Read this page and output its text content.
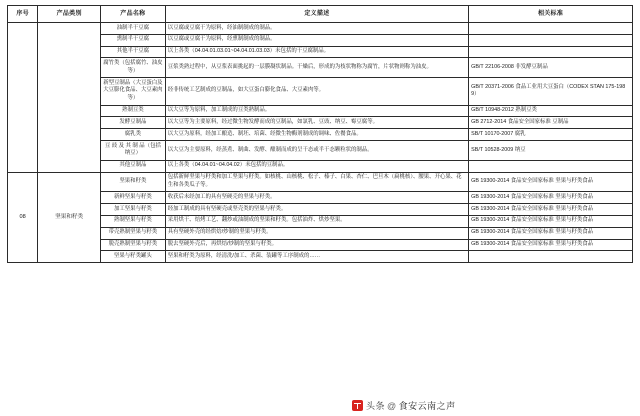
序号	产品类别	产品名称	定义描述	相关标准
		油制半干豆腐	以豆腐或豆腐干为原料，经油制制成的制品。	
		熏制半干豆腐	以豆腐或豆腐干为原料，经熏制制成的制品。	
		其他半干豆腐	以上各类（04.04.01.03.01~04.04.01.03.03）未包括的干豆腐制品。	
		腐竹类（包括腐竹、油皮等）	豆浆类熟过程中，从豆浆表面挑起的一层膜凝状制品。干燥后，形成的为枝状物称为腐竹，片状物则称为油皮。	GB/T 22106-2008 非发酵豆制品
		新型豆制品（大豆蛋白及大豆膨化食品、大豆素肉等）	经非传统工艺制成的豆制品，如大豆蛋白膨化食品、大豆素肉等。	GB/T 20371-2006 食品工业用大豆蛋白（CODEX STAN 175-1989）
		熟制豆类	以大豆等为原料，加工制成的豆类熟制品。	GB/T 10948-2012 熟制豆类
		发酵豆制品	以大豆等为主要原料，经过微生物发酵而成的豆制品，如氯乳、豆豉、纳豆、霉豆腐等。	GB 2712-2014 食品安全国家标准 豆制品
		腐乳类	以大豆为原料，经加工酿造、制坯、培菌、经微生物酶剂制成的调味、佐餐食品。	SB/T 10170-2007 腐乳
		豆 豉 及 其 制 品（包括纳豆）	以大豆为主要原料，经蒸煮、制曲、发酵、酿制而成的呈干态或半干态颗粒状的制品。	SB/T 10528-2009 纳豆
		其他豆制品	以上各类（04.04.01~04.04.02）未包括的豆制品。	
08	坚果和籽类	坚果和籽类	包括新鲜坚果与籽类和加工坚果与籽类。如核桃、山核桃、松子、榛子、白果、杏仁、巴旦木（扁桃核）、腰果、开心果、花生和各类瓜子等。	GB 19300-2014 食品安全国家标准 坚果与籽类食品
		新鲜坚果与籽类	收获后未经加工的具有坚硬壳的坚果与籽类。	GB 19300-2014 食品安全国家标准 坚果与籽类食品
		加工坚果与籽类	经加工制成的具有坚硬壳或坚壳类的坚果与籽类。	GB 19300-2014 食品安全国家标准 坚果与籽类食品
		熟制坚果与籽类	采用烘干、焙烤工艺、翻炒或油制成的坚果和籽类。包括油炸、烘炒坚果。	GB 19300-2014 食品安全国家标准 坚果与籽类食品
		带壳熟制坚果与籽类	具有坚硬外壳的经烘焙/炒制的坚果与籽类。	GB 19300-2014 食品安全国家标准 坚果与籽类食品
		脱壳熟制坚果与籽类	脱去坚硬外壳后，再烘焙/炒制的坚果与籽类。	GB 19300-2014 食品安全国家标准 坚果与籽类食品
		坚果与籽类罐头	坚果和籽类为原料，经清洗/加工、杀菌、装罐等工序制成的……	
头条 @ 食安云南之声
